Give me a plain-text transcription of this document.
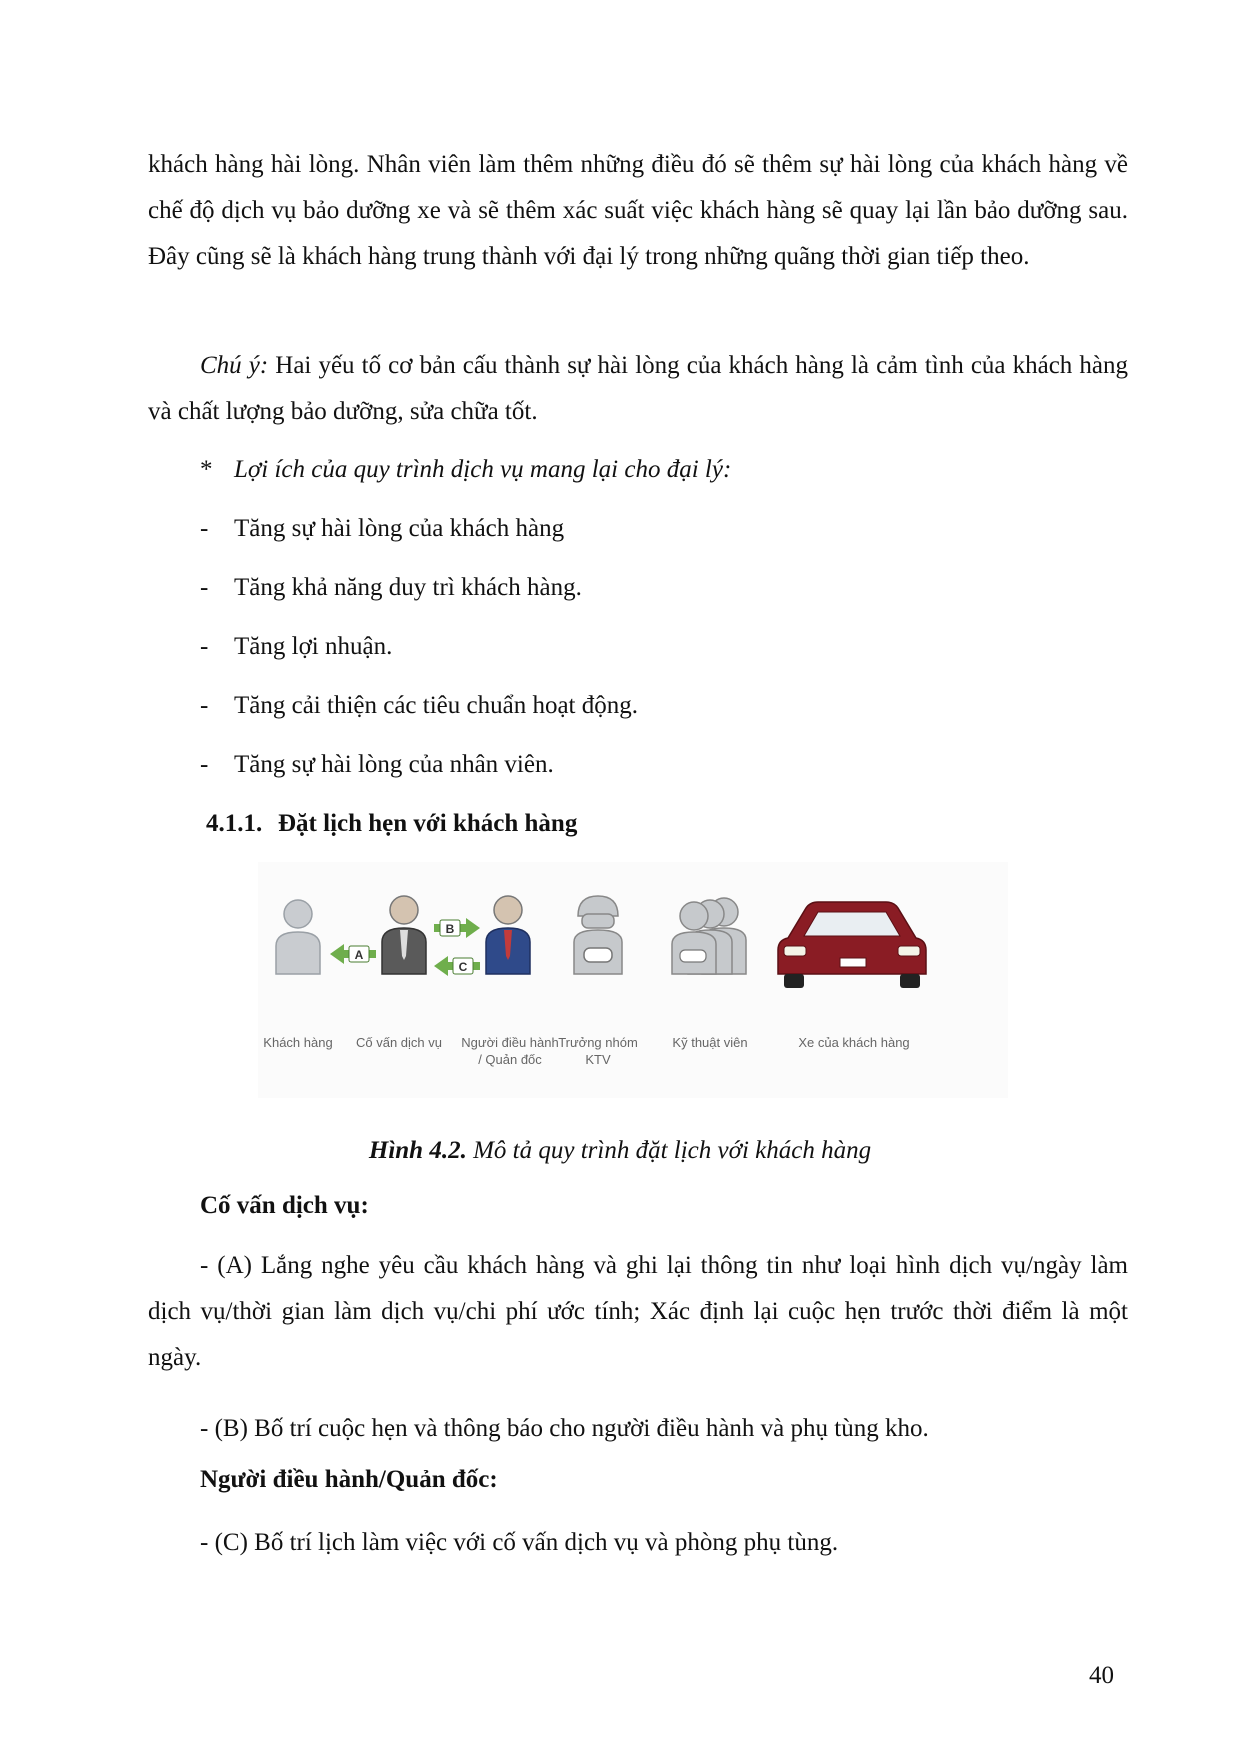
khách hàng hài lòng. Nhân viên làm thêm những điều đó sẽ thêm sự hài lòng của khách hàng về chế độ dịch vụ bảo dưỡng xe và sẽ thêm xác suất việc khách hàng sẽ quay lại lần bảo dưỡng sau. Đây cũng sẽ là khách hàng trung thành với đại lý trong những quãng thời gian tiếp theo.

Chú ý: Hai yếu tố cơ bản cấu thành sự hài lòng của khách hàng là cảm tình của khách hàng và chất lượng bảo dưỡng, sửa chữa tốt.

* Lợi ích của quy trình dịch vụ mang lại cho đại lý:

- Tăng sự hài lòng của khách hàng

- Tăng khả năng duy trì khách hàng.

- Tăng lợi nhuận.

- Tăng cải thiện các tiêu chuẩn hoạt động.

- Tăng sự hài lòng của nhân viên.

4.1.1. Đặt lịch hẹn với khách hàng

A
B
C
Khách hàng	Cố vấn dịch vụ	Người điều hành
/ Quản đốc
Trưởng nhóm
KTV
Kỹ thuật viên	Xe của khách hàng

Hình 4.2. Mô tả quy trình đặt lịch với khách hàng

Cố vấn dịch vụ:

- (A) Lắng nghe yêu cầu khách hàng và ghi lại thông tin như loại hình dịch vụ/ngày làm dịch vụ/thời gian làm dịch vụ/chi phí ước tính; Xác định lại cuộc hẹn trước thời điểm là một ngày.

- (B) Bố trí cuộc hẹn và thông báo cho người điều hành và phụ tùng kho.

Người điều hành/Quản đốc:

- (C) Bố trí lịch làm việc với cố vấn dịch vụ và phòng phụ tùng.

40
